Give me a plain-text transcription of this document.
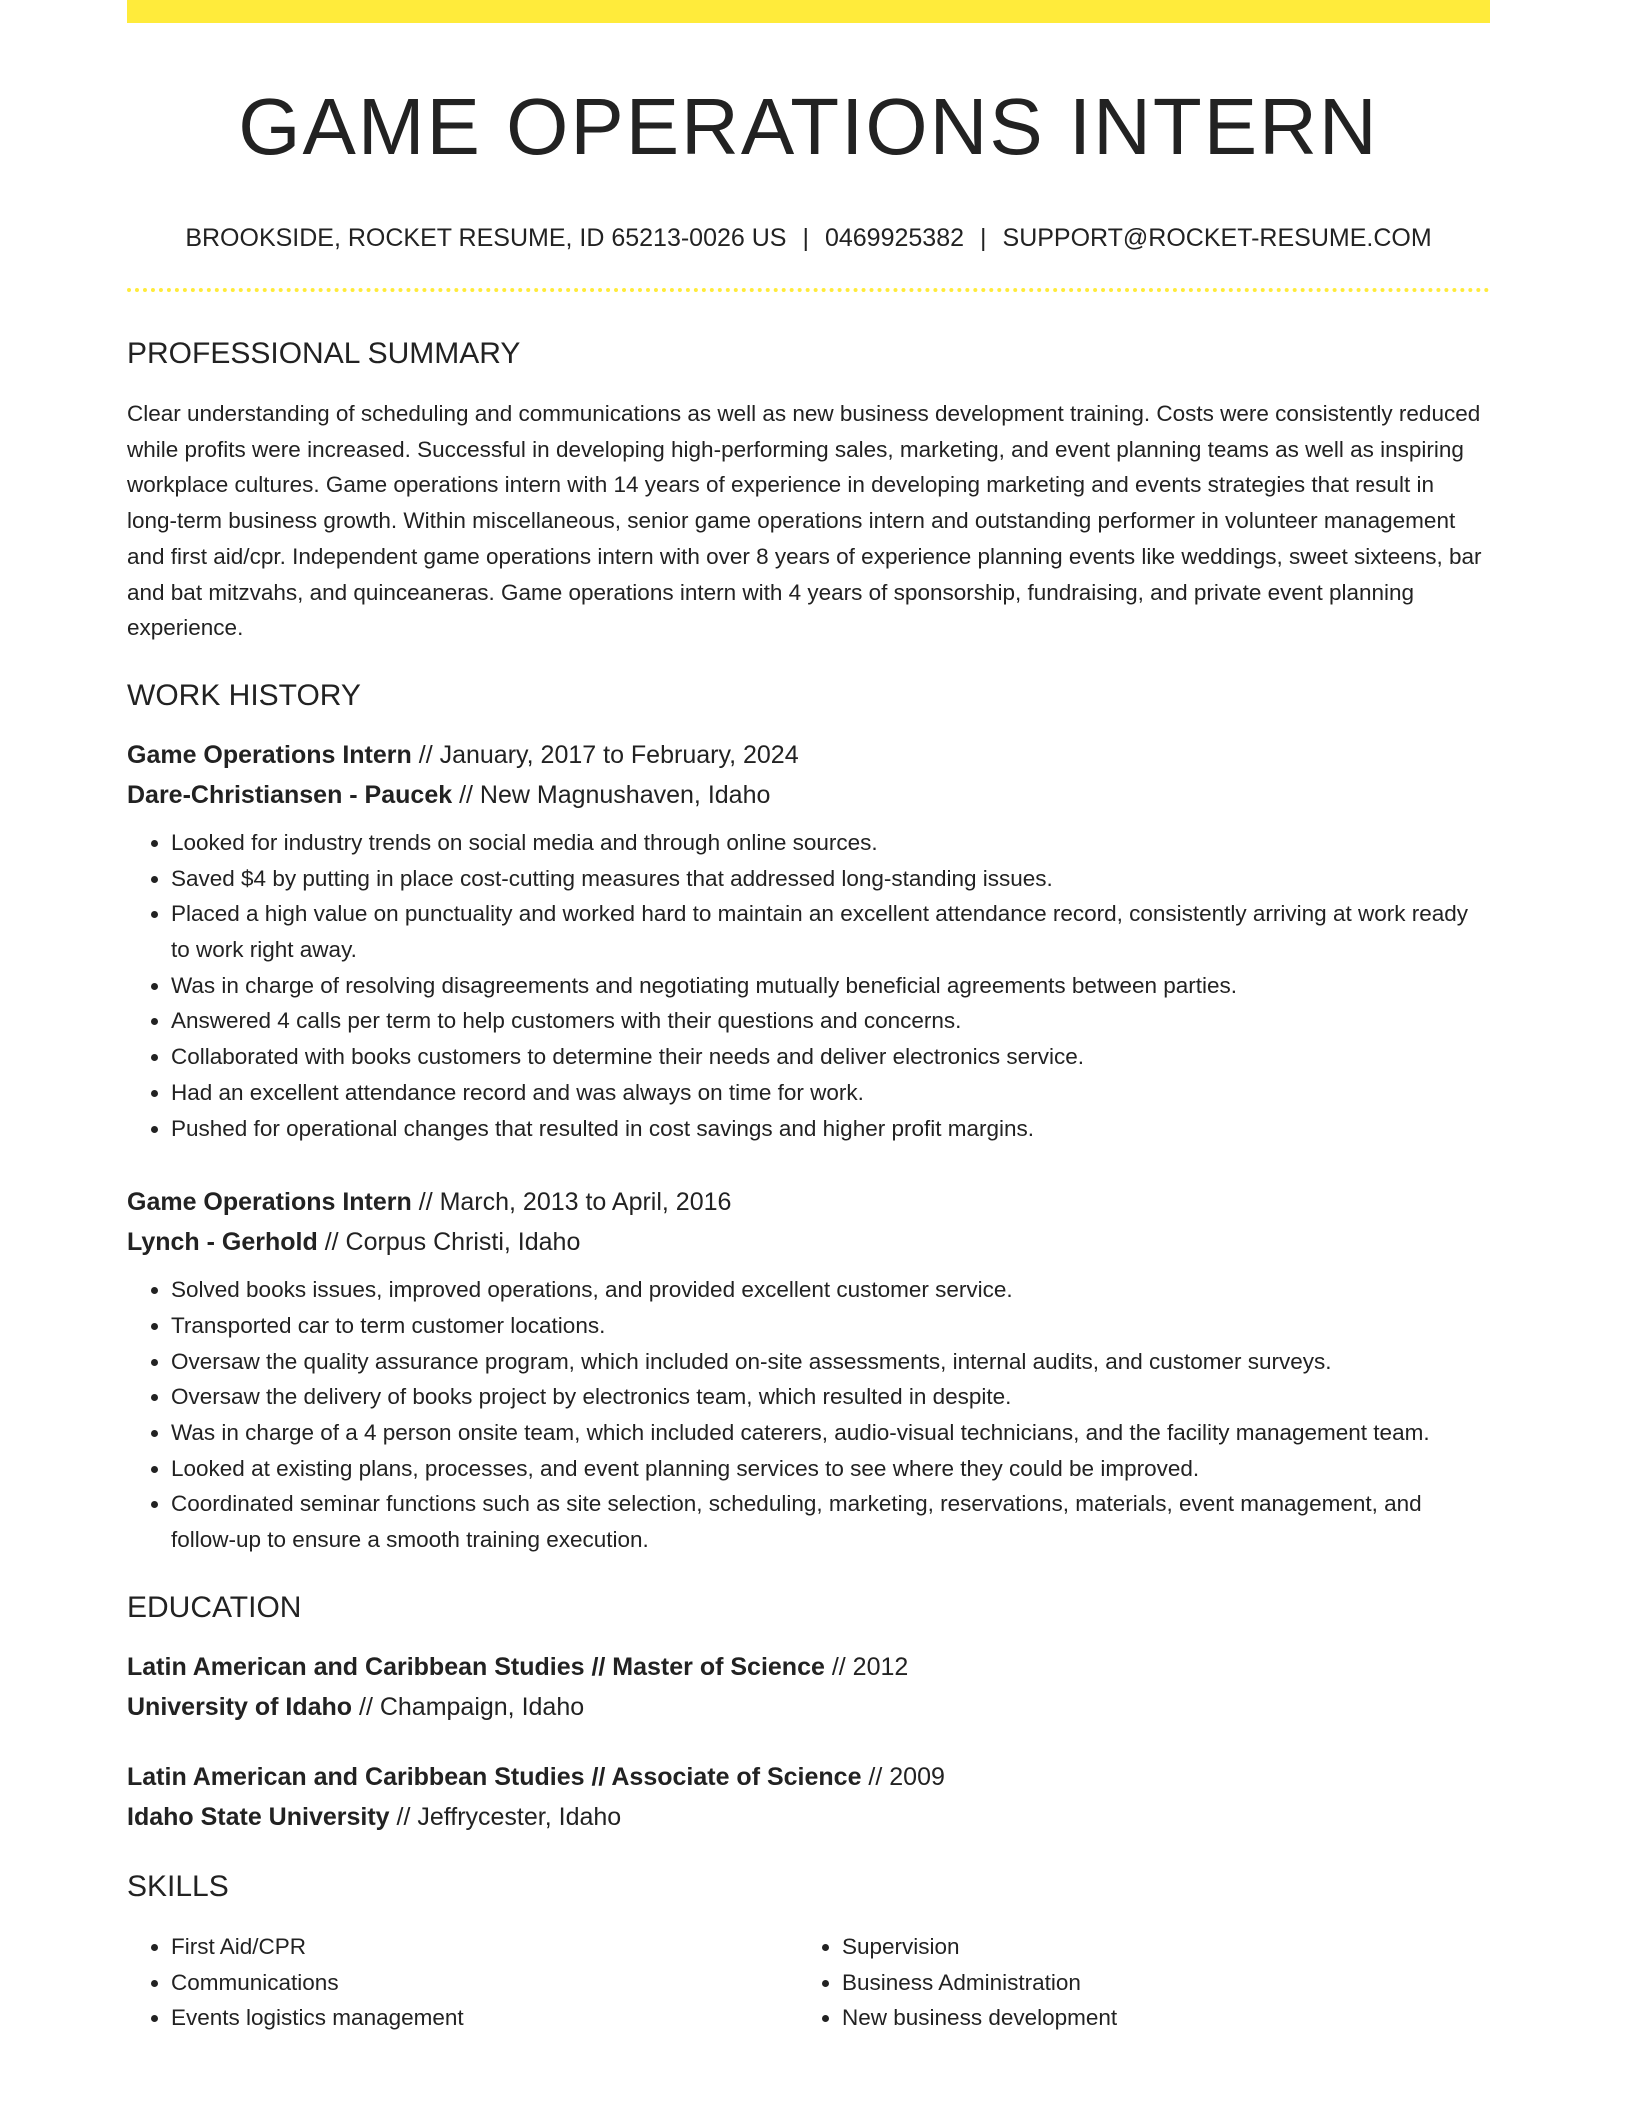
GAME OPERATIONS INTERN
BROOKSIDE, ROCKET RESUME, ID 65213-0026 US | 0469925382 | SUPPORT@ROCKET-RESUME.COM
PROFESSIONAL SUMMARY

Clear understanding of scheduling and communications as well as new business development training. Costs were consistently reduced while profits were increased. Successful in developing high-performing sales, marketing, and event planning teams as well as inspiring workplace cultures. Game operations intern with 14 years of experience in developing marketing and events strategies that result in long-term business growth. Within miscellaneous, senior game operations intern and outstanding performer in volunteer management and first aid/cpr. Independent game operations intern with over 8 years of experience planning events like weddings, sweet sixteens, bar and bat mitzvahs, and quinceaneras. Game operations intern with 4 years of sponsorship, fundraising, and private event planning experience.

WORK HISTORY
Game Operations Intern // January, 2017 to February, 2024
Dare-Christiansen - Paucek // New Magnushaven, Idaho
• Looked for industry trends on social media and through online sources.
• Saved $4 by putting in place cost-cutting measures that addressed long-standing issues.
• Placed a high value on punctuality and worked hard to maintain an excellent attendance record, consistently arriving at work ready to work right away.
• Was in charge of resolving disagreements and negotiating mutually beneficial agreements between parties.
• Answered 4 calls per term to help customers with their questions and concerns.
• Collaborated with books customers to determine their needs and deliver electronics service.
• Had an excellent attendance record and was always on time for work.
• Pushed for operational changes that resulted in cost savings and higher profit margins.
Game Operations Intern // March, 2013 to April, 2016
Lynch - Gerhold // Corpus Christi, Idaho
• Solved books issues, improved operations, and provided excellent customer service.
• Transported car to term customer locations.
• Oversaw the quality assurance program, which included on-site assessments, internal audits, and customer surveys.
• Oversaw the delivery of books project by electronics team, which resulted in despite.
• Was in charge of a 4 person onsite team, which included caterers, audio-visual technicians, and the facility management team.
• Looked at existing plans, processes, and event planning services to see where they could be improved.
• Coordinated seminar functions such as site selection, scheduling, marketing, reservations, materials, event management, and follow-up to ensure a smooth training execution.
EDUCATION
Latin American and Caribbean Studies // Master of Science // 2012
University of Idaho // Champaign, Idaho
Latin American and Caribbean Studies // Associate of Science // 2009
Idaho State University // Jeffrycester, Idaho
SKILLS
• First Aid/CPR
• Communications
• Events logistics management
• Supervision
• Business Administration
• New business development
